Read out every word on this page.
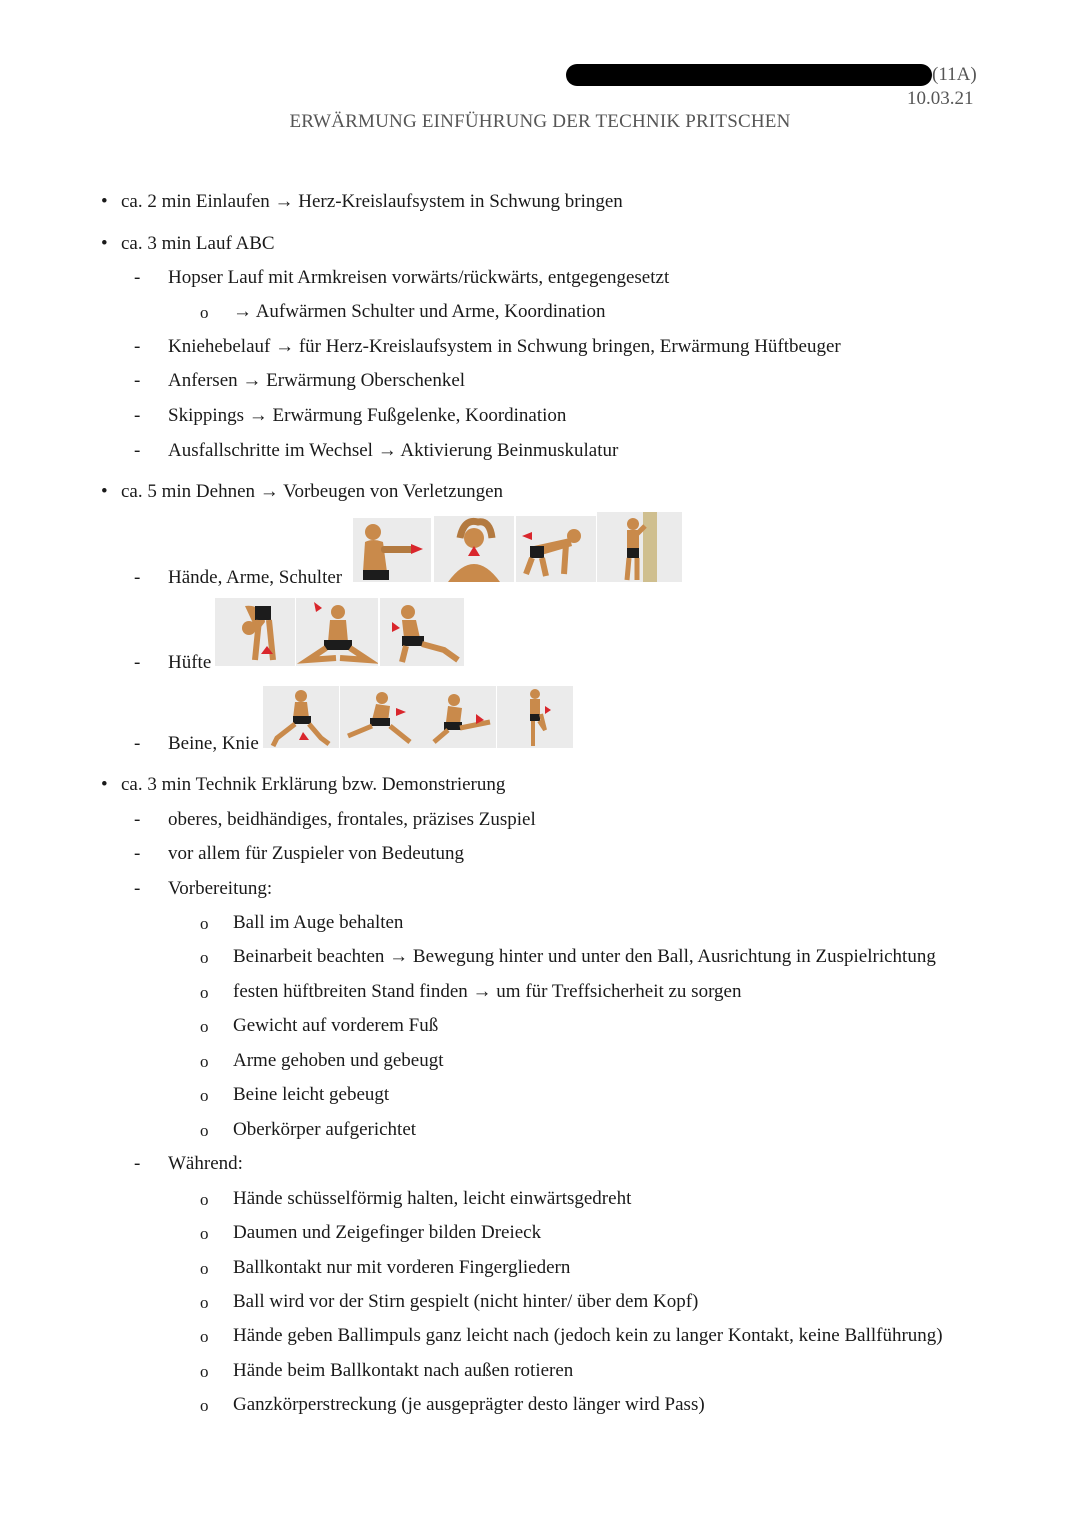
(11A)
10.03.21
ERWÄRMUNG EINFÜHRUNG DER TECHNIK PRITSCHEN
• ca. 2 min Einlaufen → Herz-Kreislaufsystem in Schwung bringen
• ca. 3 min Lauf ABC
- Hopser Lauf mit Armkreisen vorwärts/rückwärts, entgegengesetzt
o → Aufwärmen Schulter und Arme, Koordination
- Kniehebelauf → für Herz-Kreislaufsystem in Schwung bringen, Erwärmung Hüftbeuger
- Anfersen → Erwärmung Oberschenkel
- Skippings → Erwärmung Fußgelenke, Koordination
- Ausfallschritte im Wechsel → Aktivierung Beinmuskulatur
• ca. 5 min Dehnen → Vorbeugen von Verletzungen
- Hände, Arme, Schulter
- Hüfte
- Beine, Knie
• ca. 3 min Technik Erklärung bzw. Demonstrierung
- oberes, beidhändiges, frontales, präzises Zuspiel
- vor allem für Zuspieler von Bedeutung
- Vorbereitung:
o Ball im Auge behalten
o Beinarbeit beachten → Bewegung hinter und unter den Ball, Ausrichtung in Zuspielrichtung
o festen hüftbreiten Stand finden → um für Treffsicherheit zu sorgen
o Gewicht auf vorderem Fuß
o Arme gehoben und gebeugt
o Beine leicht gebeugt
o Oberkörper aufgerichtet
- Während:
o Hände schüsselförmig halten, leicht einwärtsgedreht
o Daumen und Zeigefinger bilden Dreieck
o Ballkontakt nur mit vorderen Fingergliedern
o Ball wird vor der Stirn gespielt (nicht hinter/ über dem Kopf)
o Hände geben Ballimpuls ganz leicht nach (jedoch kein zu langer Kontakt, keine Ballführung)
o Hände beim Ballkontakt nach außen rotieren
o Ganzkörperstreckung (je ausgeprägter desto länger wird Pass)
